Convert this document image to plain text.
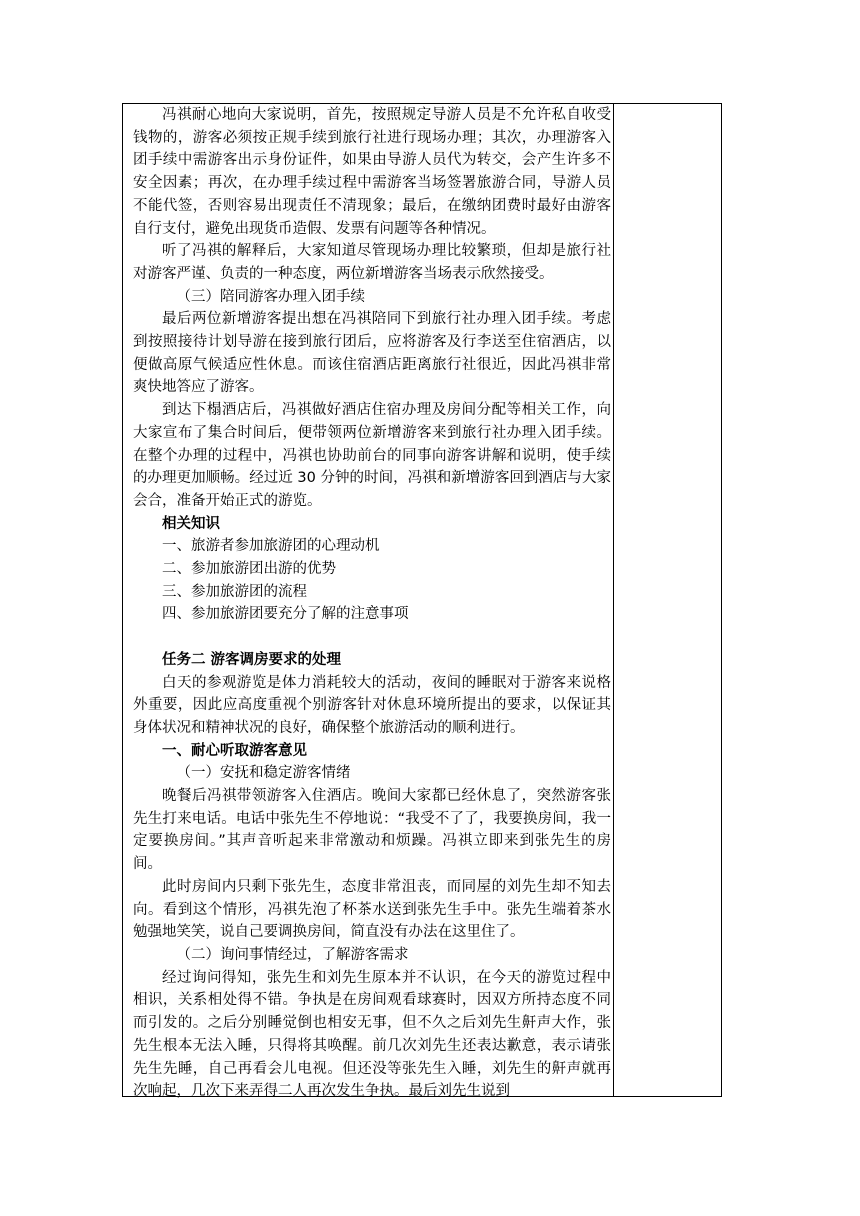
冯祺耐心地向大家说明，首先，按照规定导游人员是不允许私自收受钱物的，游客必须按正规手续到旅行社进行现场办理；其次，办理游客入团手续中需游客出示身份证件，如果由导游人员代为转交，会产生许多不安全因素；再次，在办理手续过程中需游客当场签署旅游合同，导游人员不能代签，否则容易出现责任不清现象；最后，在缴纳团费时最好由游客自行支付，避免出现货币造假、发票有问题等各种情况。

听了冯祺的解释后，大家知道尽管现场办理比较繁琐，但却是旅行社对游客严谨、负责的一种态度，两位新增游客当场表示欣然接受。

（三）陪同游客办理入团手续

最后两位新增游客提出想在冯祺陪同下到旅行社办理入团手续。考虑到按照接待计划导游在接到旅行团后，应将游客及行李送至住宿酒店，以便做高原气候适应性休息。而该住宿酒店距离旅行社很近，因此冯祺非常爽快地答应了游客。

到达下榻酒店后，冯祺做好酒店住宿办理及房间分配等相关工作，向大家宣布了集合时间后，便带领两位新增游客来到旅行社办理入团手续。在整个办理的过程中，冯祺也协助前台的同事向游客讲解和说明，使手续的办理更加顺畅。经过近 30 分钟的时间，冯祺和新增游客回到酒店与大家会合，准备开始正式的游览。

相关知识

一、旅游者参加旅游团的心理动机

二、参加旅游团出游的优势

三、参加旅游团的流程

四、参加旅游团要充分了解的注意事项

任务二 游客调房要求的处理

白天的参观游览是体力消耗较大的活动，夜间的睡眠对于游客来说格外重要，因此应高度重视个别游客针对休息环境所提出的要求，以保证其身体状况和精神状况的良好，确保整个旅游活动的顺利进行。

一、耐心听取游客意见

（一）安抚和稳定游客情绪

晚餐后冯祺带领游客入住酒店。晚间大家都已经休息了，突然游客张先生打来电话。电话中张先生不停地说：“我受不了了，我要换房间，我一定要换房间。”其声音听起来非常激动和烦躁。冯祺立即来到张先生的房间。

此时房间内只剩下张先生，态度非常沮丧，而同屋的刘先生却不知去向。看到这个情形，冯祺先泡了杯茶水送到张先生手中。张先生端着茶水勉强地笑笑，说自己要调换房间，简直没有办法在这里住了。

（二）询问事情经过，了解游客需求

经过询问得知，张先生和刘先生原本并不认识，在今天的游览过程中相识，关系相处得不错。争执是在房间观看球赛时，因双方所持态度不同而引发的。之后分别睡觉倒也相安无事，但不久之后刘先生鼾声大作，张先生根本无法入睡，只得将其唤醒。前几次刘先生还表达歉意，表示请张先生先睡，自己再看会儿电视。但还没等张先生入睡，刘先生的鼾声就再次响起，几次下来弄得二人再次发生争执。最后刘先生说到
